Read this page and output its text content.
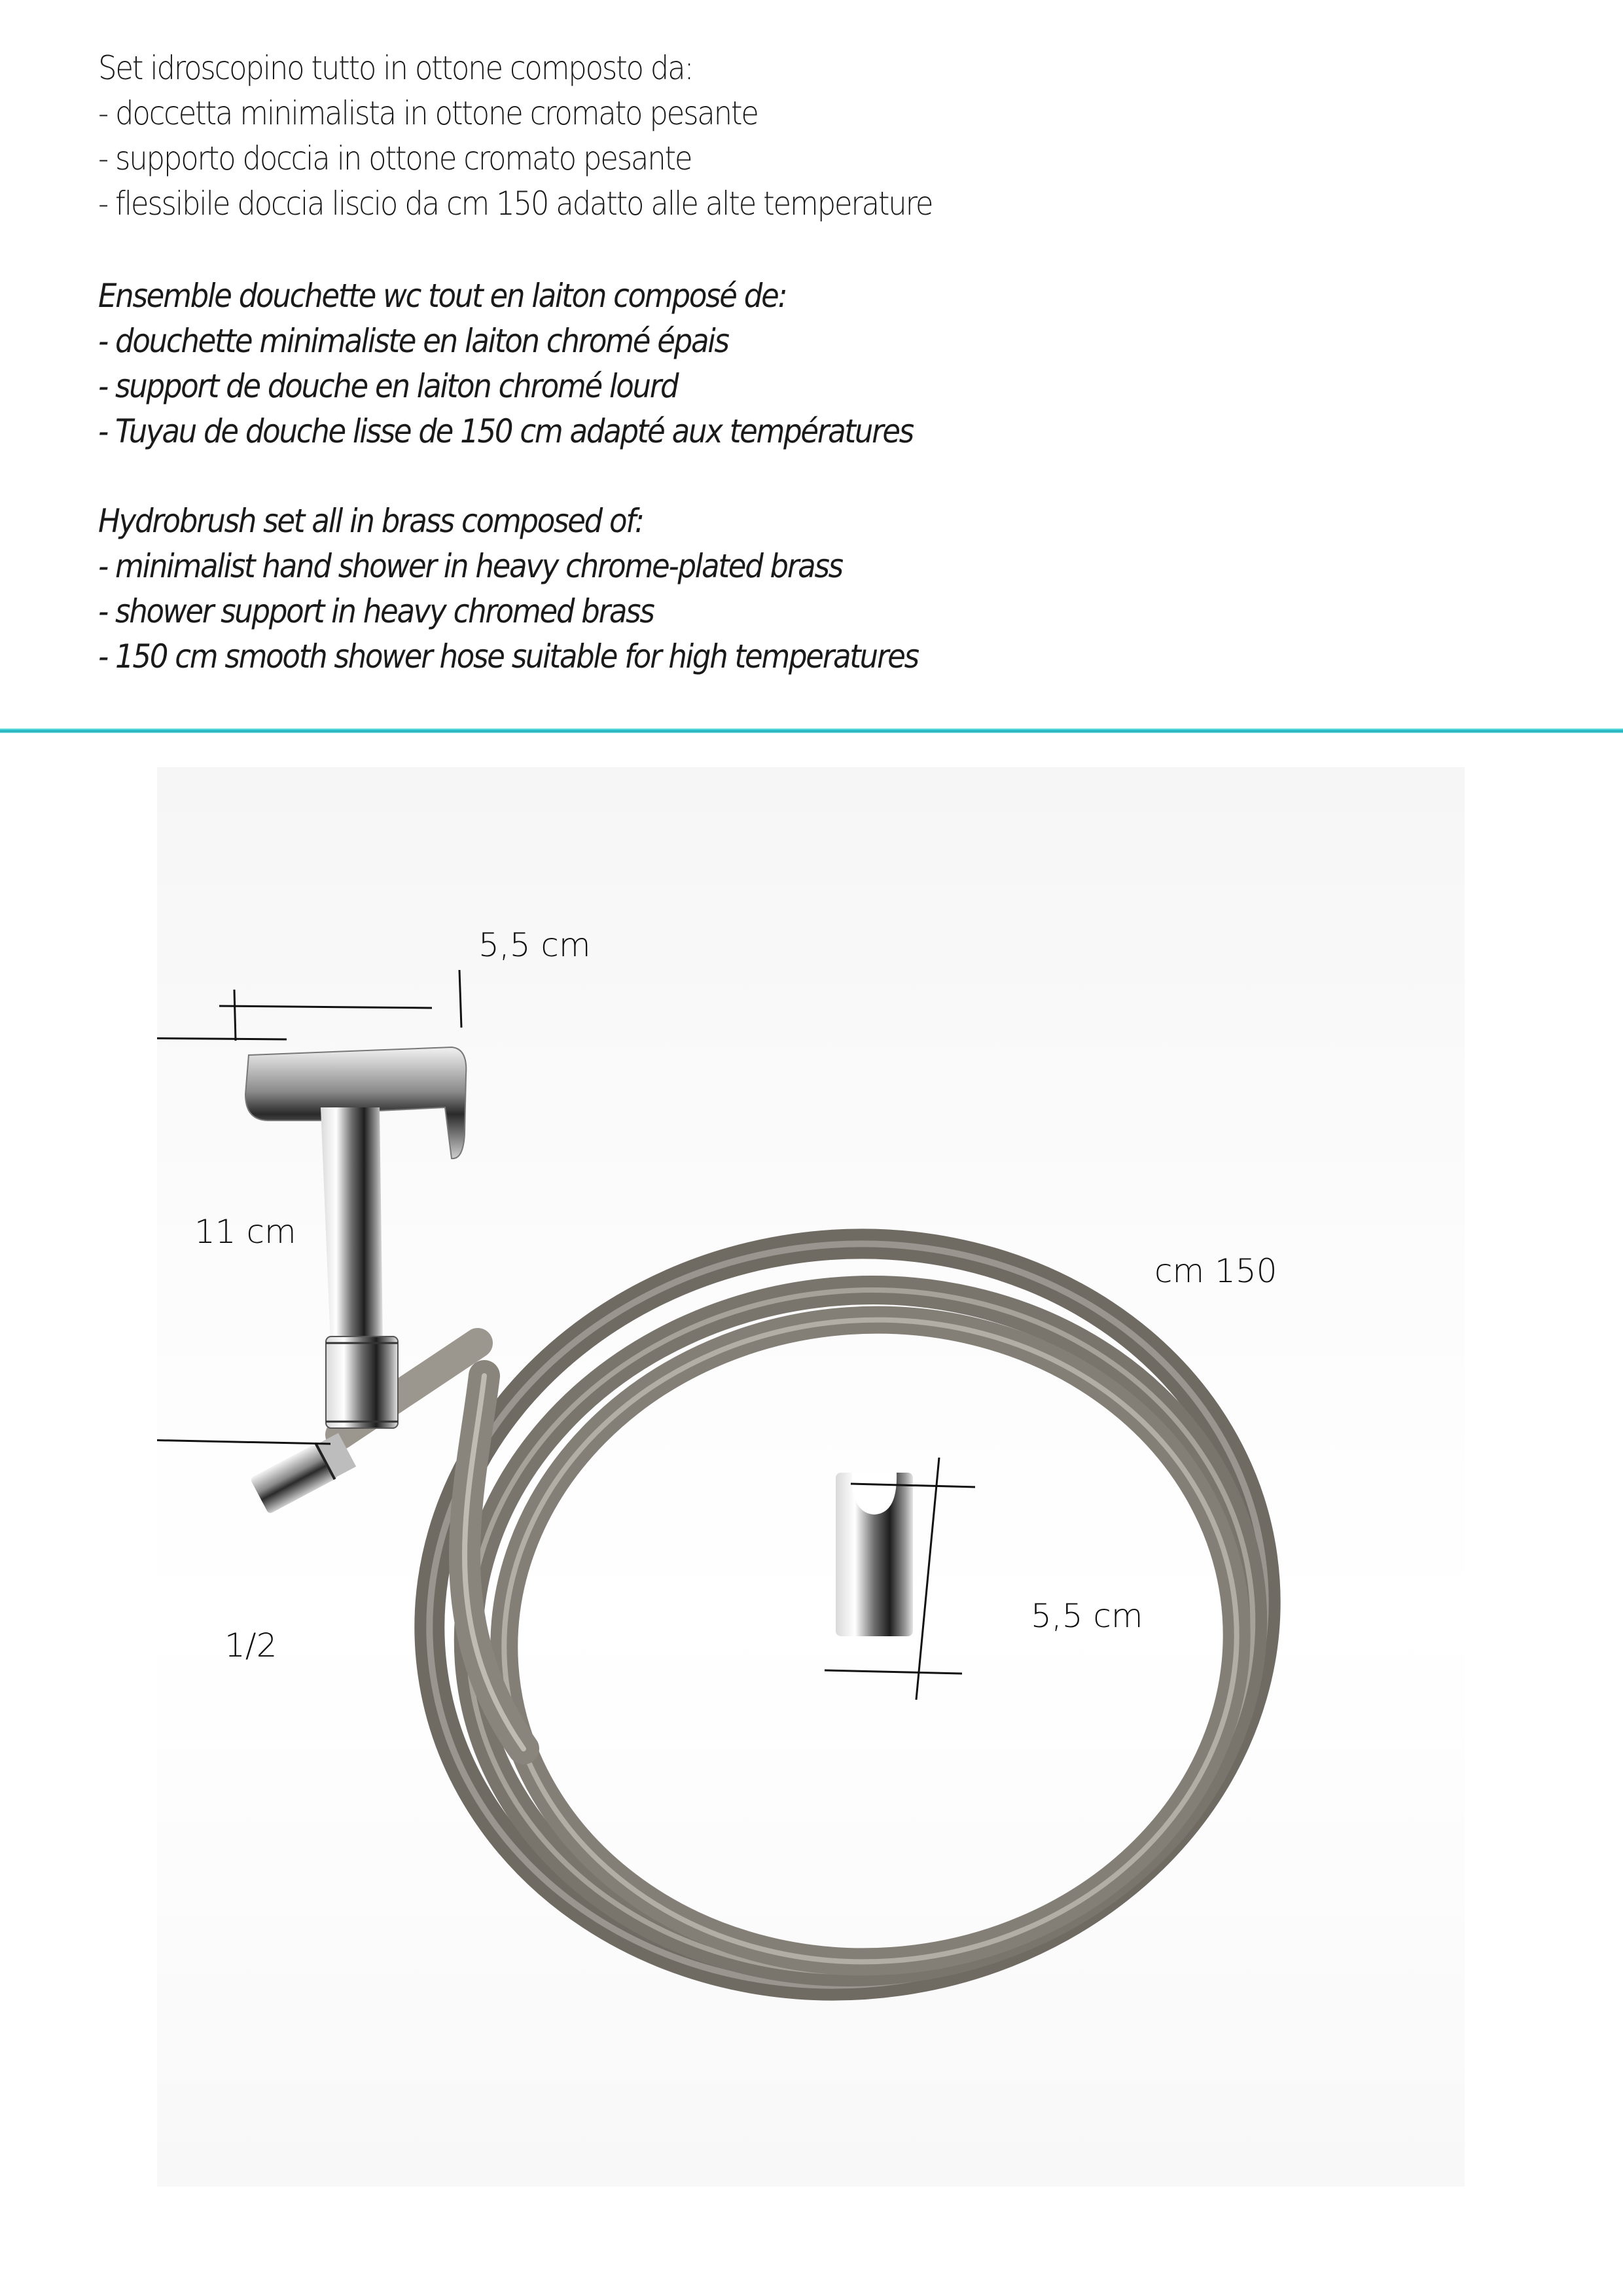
Set idroscopino tutto in ottone composto da:
- doccetta minimalista in ottone cromato pesante
- supporto doccia in ottone cromato pesante
- flessibile doccia liscio da cm 150 adatto alle alte temperature
Ensemble douchette wc tout en laiton composé de:
- douchette minimaliste en laiton chromé épais
- support de douche en laiton chromé lourd
- Tuyau de douche lisse de 150 cm adapté aux températures
Hydrobrush set all in brass composed of:
- minimalist hand shower in heavy chrome-plated brass
- shower support in heavy chromed brass
- 150 cm smooth shower hose suitable for high temperatures
5,5 cm
11 cm
cm 150
5,5 cm
1/2
